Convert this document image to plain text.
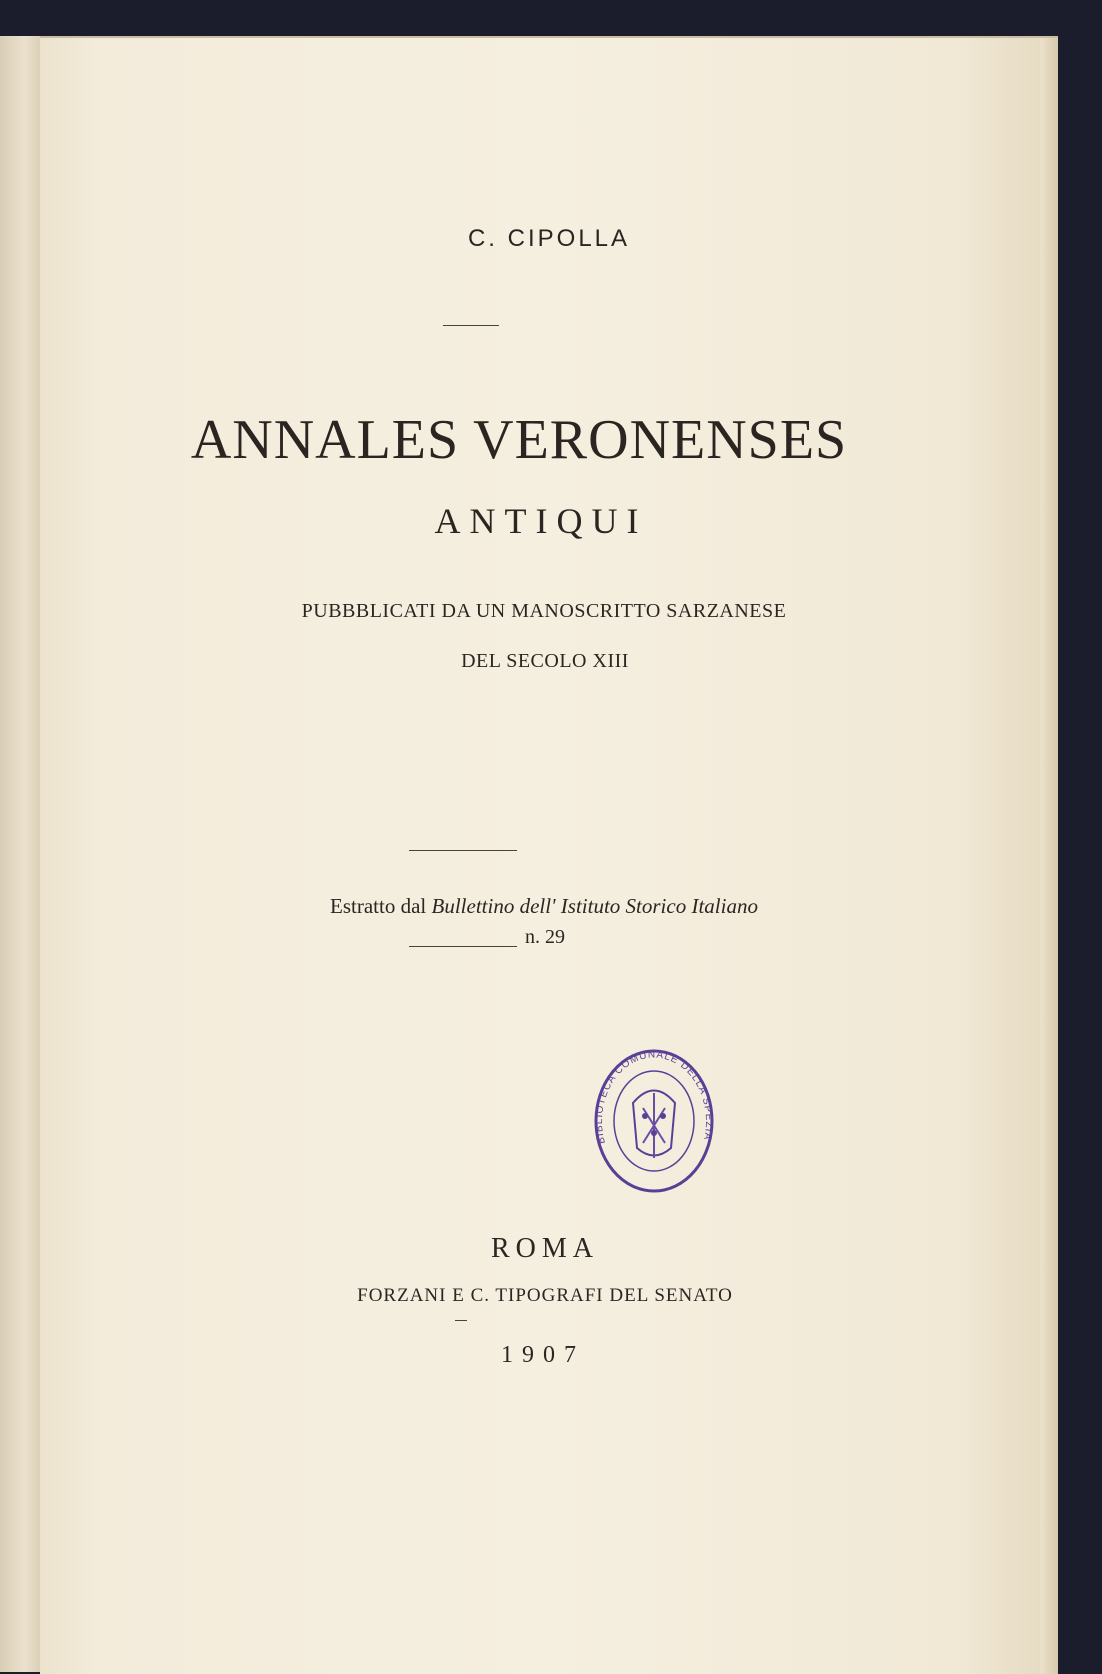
C. CIPOLLA

ANNALES VERONENSES

ANTIQUI

PUBBBLICATI DA UN MANOSCRITTO SARZANESE

DEL SECOLO XIII

Estratto dal Bullettino dell' Istituto Storico Italiano

n. 29

BIBLIOTECA COMUNALE DELLA SPEZIA

ROMA

FORZANI E C. TIPOGRAFI DEL SENATO

1907
